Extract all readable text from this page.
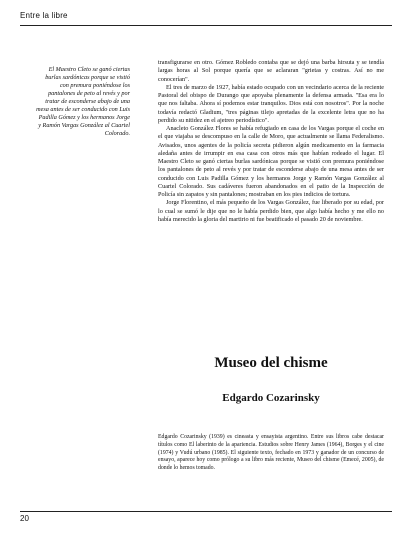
Entre la libre

El Maestro Cleto se ganó ciertas burlas sardónicas porque se vistió con premura poniéndose los pantalones de peto al revés y por tratar de esconderse abajo de una mesa antes de ser conducido con Luis Padilla Gómez y los hermanos Jorge y Ramón Vargas González al Cuartel Colorado.

transfigurarse en otro. Gómez Robledo contaba que se dejó una barba hirsuta y se tendía largas horas al Sol porque quería que se aclararan "grietas y costras. Así no me conocerían".

El tres de marzo de 1927, había estado ocupado con un vecindario acerca de la reciente Pastoral del obispo de Durango que apoyaba plenamente la defensa armada. "Esa era lo que nos faltaba. Ahora sí podemos estar tranquilos. Dios está con nosotros". Por la noche todavía redactó Gladium, "tres páginas tilejo apretadas de la excelente letra que no ha perdido su nitidez en el ajetreo periodístico".

Anacleto González Flores se había refugiado en casa de los Vargas porque el coche en el que viajaba se descompuso en la calle de Moro, que actualmente se llama Federalismo. Avisados, unos agentes de la policía secreta pidieron algún medicamento en la farmacia aledaña antes de irrumpir en esa casa con otros más que habían rodeado el lugar. El Maestro Cleto se ganó ciertas burlas sardónicas porque se vistió con premura poniéndose los pantalones de peto al revés y por tratar de esconderse abajo de una mesa antes de ser conducido con Luis Padilla Gómez y los hermanos Jorge y Ramón Vargas González al Cuartel Colorado. Sus cadáveres fueron abandonados en el patio de la Inspección de Policía sin zapatos y sin pantalones; mostraban en los pies indicios de tortura.

Jorge Florentino, el más pequeño de los Vargas González, fue liberado por su edad, por lo cual se sumó le dije que no le había perdido bien, que algo había hecho y me ello no había merecido la gloria del martirio ni fue beatificado el pasado 20 de noviembre.

Museo del chisme
Edgardo Cozarinsky

Edgardo Cozarinsky (1939) es cineasta y ensayista argentino. Entre sus libros cabe destacar títulos como El laberinto de la apariencia. Estudios sobre Henry James (1964), Borges y el cine (1974) y Vudú urbano (1985). El siguiente texto, fechado en 1973 y ganador de un concurso de ensayo, aparece hoy como prólogo a su libro más reciente, Museo del chisme (Emecé, 2005), de donde lo hemos tomado.

20
